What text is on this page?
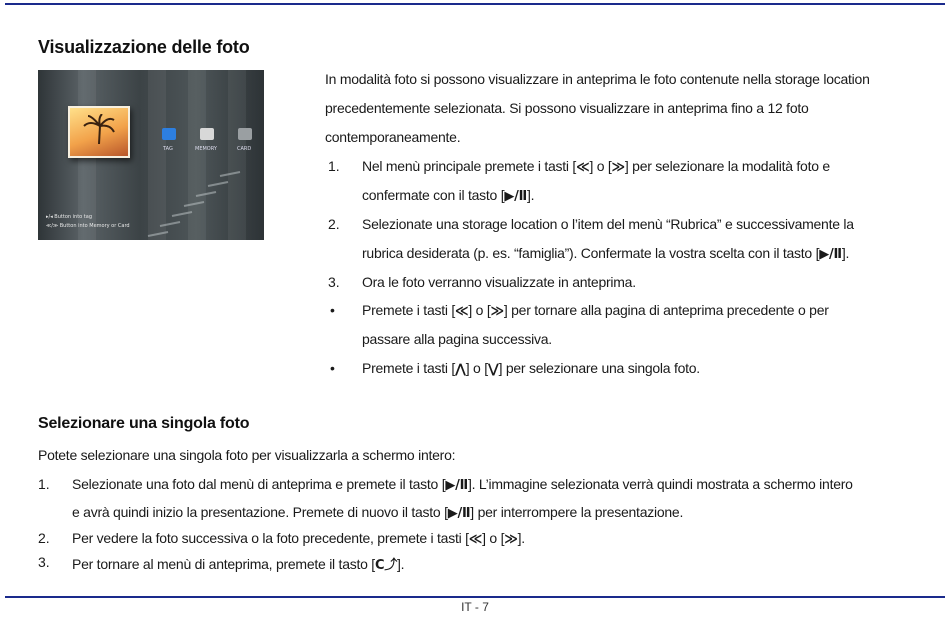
Visualizzazione delle foto
TAG	MEMORY	CARD
▸/◂ Button into tag
≪/≫ Button into Memory or Card
In modalità foto si possono visualizzare in anteprima le foto contenute nella storage location
precedentemente selezionata. Si possono visualizzare in anteprima fino a 12 foto
contemporaneamente.
1. Nel menù principale premete i tasti [≪] o [≫] per selezionare la modalità foto e
confermate con il tasto [▶/Ⅱ].
2. Selezionate una storage location o l’item del menù “Rubrica” e successivamente la
rubrica desiderata (p. es. “famiglia”). Confermate la vostra scelta con il tasto [▶/Ⅱ].
3. Ora le foto verranno visualizzate in anteprima.
• Premete i tasti [≪] o [≫] per tornare alla pagina di anteprima precedente o per
passare alla pagina successiva.
• Premete i tasti [⋀] o [⋁] per selezionare una singola foto.
Selezionare una singola foto
Potete selezionare una singola foto per visualizzarla a schermo intero:
1. Selezionate una foto dal menù di anteprima e premete il tasto [▶/Ⅱ]. L’immagine selezionata verrà quindi mostrata a schermo intero
e avrà quindi inizio la presentazione. Premete di nuovo il tasto [▶/Ⅱ] per interrompere la presentazione.
2. Per vedere la foto successiva o la foto precedente, premete i tasti [≪] o [≫].
3. Per tornare al menù di anteprima, premete il tasto [C⤴].
IT - 7
